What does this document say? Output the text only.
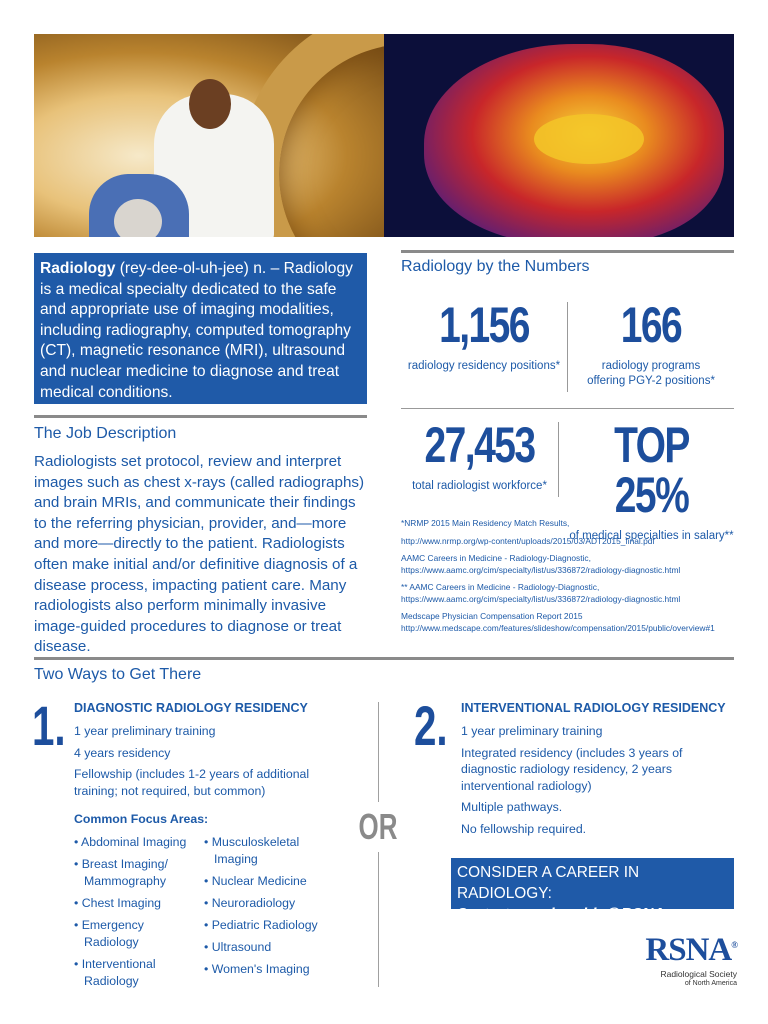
Radiology (rey-dee-ol-uh-jee) n. – Radiology is a medical specialty dedicated to the safe and appropriate use of imaging modalities, including radiography, computed tomography (CT), magnetic resonance (MRI), ultrasound and nuclear medicine to diagnose and treat medical conditions.
The Job Description
Radiologists set protocol, review and interpret images such as chest x-rays (called radiographs) and brain MRIs, and communicate their findings to the referring physician, provider, and—more and more—directly to the patient. Radiologists often make initial and/or definitive diagnosis of a disease process, impacting patient care. Many radiologists also perform minimally invasive image-guided procedures to diagnose or treat disease.
Radiology by the Numbers
1,156
radiology residency positions*
166
radiology programs offering PGY-2 positions*
27,453
total radiologist workforce*
TOP 25%
of medical specialties in salary**
*NRMP 2015 Main Residency Match Results,
http://www.nrmp.org/wp-content/uploads/2015/03/ADT2015_final.pdf
AAMC Careers in Medicine - Radiology-Diagnostic, https://www.aamc.org/cim/specialty/list/us/336872/radiology-diagnostic.html
** AAMC Careers in Medicine - Radiology-Diagnostic, https://www.aamc.org/cim/specialty/list/us/336872/radiology-diagnostic.html
Medscape Physician Compensation Report 2015 http://www.medscape.com/features/slideshow/compensation/2015/public/overview#1
Two Ways to Get There
1. DIAGNOSTIC RADIOLOGY RESIDENCY
1 year preliminary training
4 years residency
Fellowship (includes 1-2 years of additional training; not required, but common)
Common Focus Areas:
• Abdominal Imaging
• Breast Imaging/ Mammography
• Chest Imaging
• Emergency Radiology
• Interventional Radiology
• Musculoskeletal Imaging
• Nuclear Medicine
• Neuroradiology
• Pediatric Radiology
• Ultrasound
• Women's Imaging
OR
2. INTERVENTIONAL RADIOLOGY RESIDENCY
1 year preliminary training
Integrated residency (includes 3 years of diagnostic radiology residency, 2 years interventional radiology)
Multiple pathways.
No fellowship required.
CONSIDER A CAREER IN RADIOLOGY:
Contact membership@RSNA.org
RSNA®
Radiological Society
of North America
